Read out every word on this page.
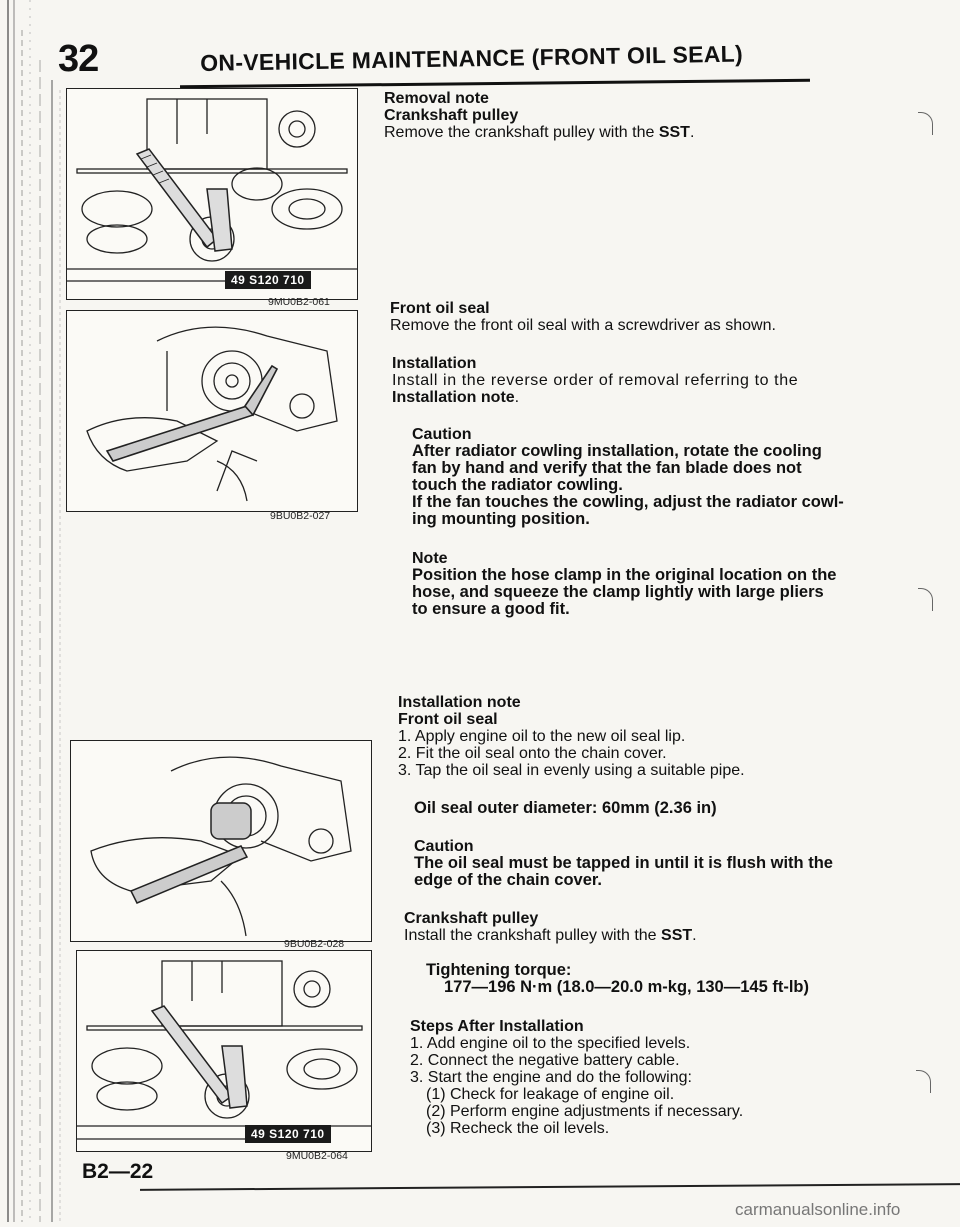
32	ON-VEHICLE MAINTENANCE (FRONT OIL SEAL)
49 S120 710
9MU0B2-061
9BU0B2-027
9BU0B2-028
49 S120 710
9MU0B2-064
Removal note
Crankshaft pulley
Remove the crankshaft pulley with the SST.
Front oil seal
Remove the front oil seal with a screwdriver as shown.
Installation
Install in the reverse order of removal referring to the
Installation note.
Caution
After radiator cowling installation, rotate the cooling
fan by hand and verify that the fan blade does not
touch the radiator cowling.
If the fan touches the cowling, adjust the radiator cowl-
ing mounting position.
Note
Position the hose clamp in the original location on the
hose, and squeeze the clamp lightly with large pliers
to ensure a good fit.
Installation note
Front oil seal
1. Apply engine oil to the new oil seal lip.
2. Fit the oil seal onto the chain cover.
3. Tap the oil seal in evenly using a suitable pipe.
Oil seal outer diameter: 60mm (2.36 in)
Caution
The oil seal must be tapped in until it is flush with the
edge of the chain cover.
Crankshaft pulley
Install the crankshaft pulley with the SST.
Tightening torque:
177—196 N·m (18.0—20.0 m-kg, 130—145 ft-lb)
Steps After Installation
1. Add engine oil to the specified levels.
2. Connect the negative battery cable.
3. Start the engine and do the following:
(1) Check for leakage of engine oil.
(2) Perform engine adjustments if necessary.
(3) Recheck the oil levels.
B2—22
carmanualsonline.info
